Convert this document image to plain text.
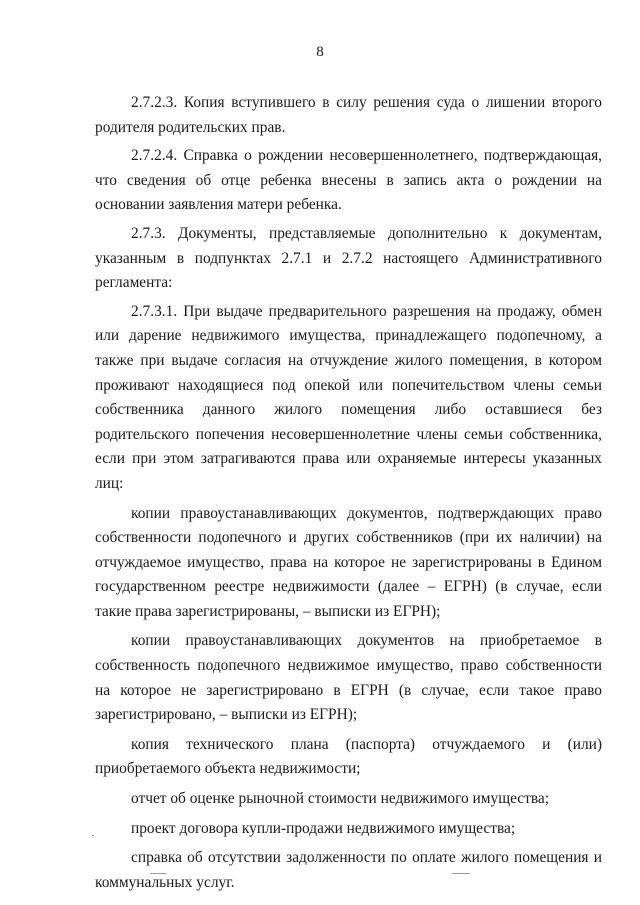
8

2.7.2.3. Копия вступившего в силу решения суда о лишении второго родителя родительских прав.

2.7.2.4. Справка о рождении несовершеннолетнего, подтверждающая, что сведения об отце ребенка внесены в запись акта о рождении на основании заявления матери ребенка.

2.7.3. Документы, представляемые дополнительно к документам, указанным в подпунктах 2.7.1 и 2.7.2 настоящего Административного регламента:

2.7.3.1. При выдаче предварительного разрешения на продажу, обмен или дарение недвижимого имущества, принадлежащего подопечному, а также при выдаче согласия на отчуждение жилого помещения, в котором проживают находящиеся под опекой или попечительством члены семьи собственника данного жилого помещения либо оставшиеся без родительского попечения несовершеннолетние члены семьи собственника, если при этом затрагиваются права или охраняемые интересы указанных лиц:

копии правоустанавливающих документов, подтверждающих право собственности подопечного и других собственников (при их наличии) на отчуждаемое имущество, права на которое не зарегистрированы в Едином государственном реестре недвижимости (далее – ЕГРН) (в случае, если такие права зарегистрированы, – выписки из ЕГРН);

копии правоустанавливающих документов на приобретаемое в собственность подопечного недвижимое имущество, право собственности на которое не зарегистрировано в ЕГРН (в случае, если такое право зарегистрировано, – выписки из ЕГРН);

копия технического плана (паспорта) отчуждаемого и (или) приобретаемого объекта недвижимости;

отчет об оценке рыночной стоимости недвижимого имущества;

проект договора купли-продажи недвижимого имущества;

справка об отсутствии задолженности по оплате жилого помещения и коммунальных услуг.
